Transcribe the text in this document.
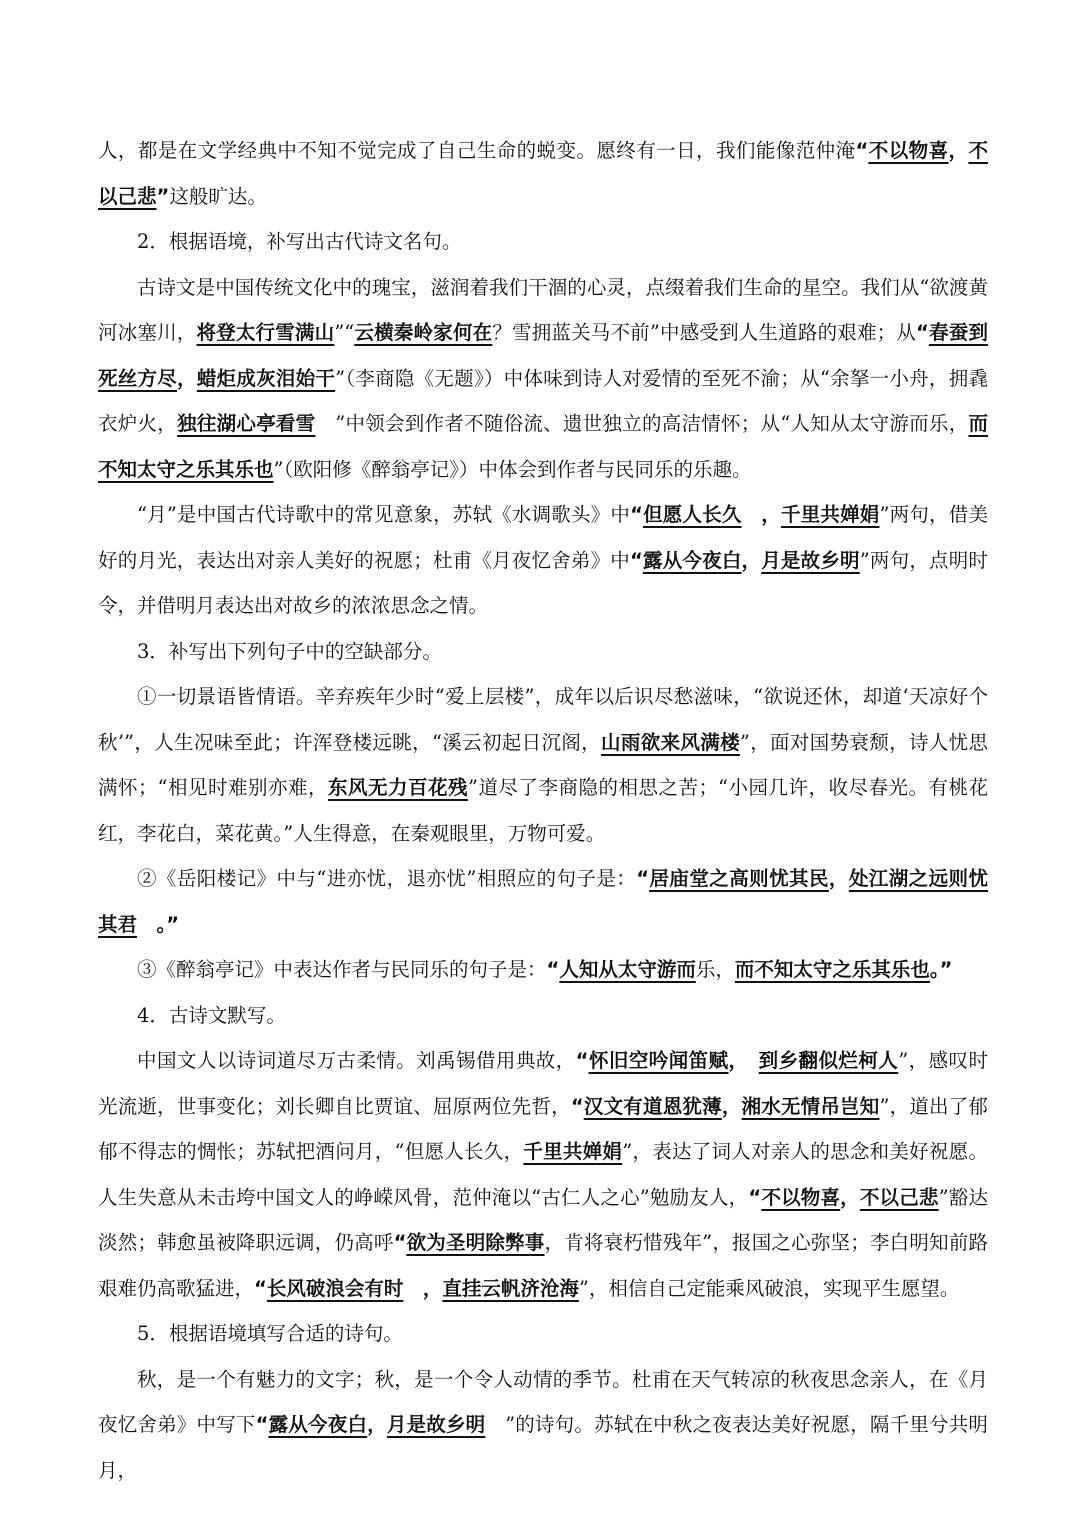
人，都是在文学经典中不知不觉完成了自己生命的蜕变。愿终有一日，我们能像范仲淹“不以物喜，不以己悲”这般旷达。

2．根据语境，补写出古代诗文名句。

古诗文是中国传统文化中的瑰宝，滋润着我们干涸的心灵，点缀着我们生命的星空。我们从“欲渡黄河冰塞川，将登太行雪满山”“云横秦岭家何在？雪拥蓝关马不前”中感受到人生道路的艰难；从“春蚕到死丝方尽，蜡炬成灰泪始干”（李商隐《无题》）中体味到诗人对爱情的至死不渝；从“余拏一小舟，拥毳衣炉火，独往湖心亭看雪　”中领会到作者不随俗流、遗世独立的高洁情怀；从“人知从太守游而乐，而不知太守之乐其乐也”（欧阳修《醉翁亭记》）中体会到作者与民同乐的乐趣。

“月”是中国古代诗歌中的常见意象，苏轼《水调歌头》中“但愿人长久　，千里共婵娟”两句，借美好的月光，表达出对亲人美好的祝愿；杜甫《月夜忆舍弟》中“露从今夜白，月是故乡明”两句，点明时令，并借明月表达出对故乡的浓浓思念之情。

3．补写出下列句子中的空缺部分。

①一切景语皆情语。辛弃疾年少时“爱上层楼”，成年以后识尽愁滋味，“欲说还休，却道‘天凉好个秋’”，人生况味至此；许浑登楼远眺，“溪云初起日沉阁，山雨欲来风满楼”，面对国势衰颓，诗人忧思满怀；“相见时难别亦难，东风无力百花残”道尽了李商隐的相思之苦；“小园几许，收尽春光。有桃花红，李花白，菜花黄。”人生得意，在秦观眼里，万物可爱。

②《岳阳楼记》中与“进亦忧，退亦忧”相照应的句子是：“居庙堂之高则忧其民，处江湖之远则忧其君　。”

③《醉翁亭记》中表达作者与民同乐的句子是：“人知从太守游而乐，而不知太守之乐其乐也。”

4．古诗文默写。

中国文人以诗词道尽万古柔情。刘禹锡借用典故，“怀旧空吟闻笛赋，　到乡翻似烂柯人”，感叹时光流逝，世事变化；刘长卿自比贾谊、屈原两位先哲，“汉文有道恩犹薄，湘水无情吊岂知”，道出了郁郁不得志的惆怅；苏轼把酒问月，“但愿人长久，千里共婵娟”，表达了词人对亲人的思念和美好祝愿。人生失意从未击垮中国文人的峥嵘风骨，范仲淹以“古仁人之心”勉励友人，“不以物喜，不以己悲”豁达淡然；韩愈虽被降职远调，仍高呼“欲为圣明除弊事，肯将衰朽惜残年”，报国之心弥坚；李白明知前路艰难仍高歌猛进，“长风破浪会有时　，直挂云帆济沧海”，相信自己定能乘风破浪，实现平生愿望。

5．根据语境填写合适的诗句。

秋，是一个有魅力的文字；秋，是一个令人动情的季节。杜甫在天气转凉的秋夜思念亲人，在《月夜忆舍弟》中写下“露从今夜白，月是故乡明　”的诗句。苏轼在中秋之夜表达美好祝愿，隔千里兮共明月，
